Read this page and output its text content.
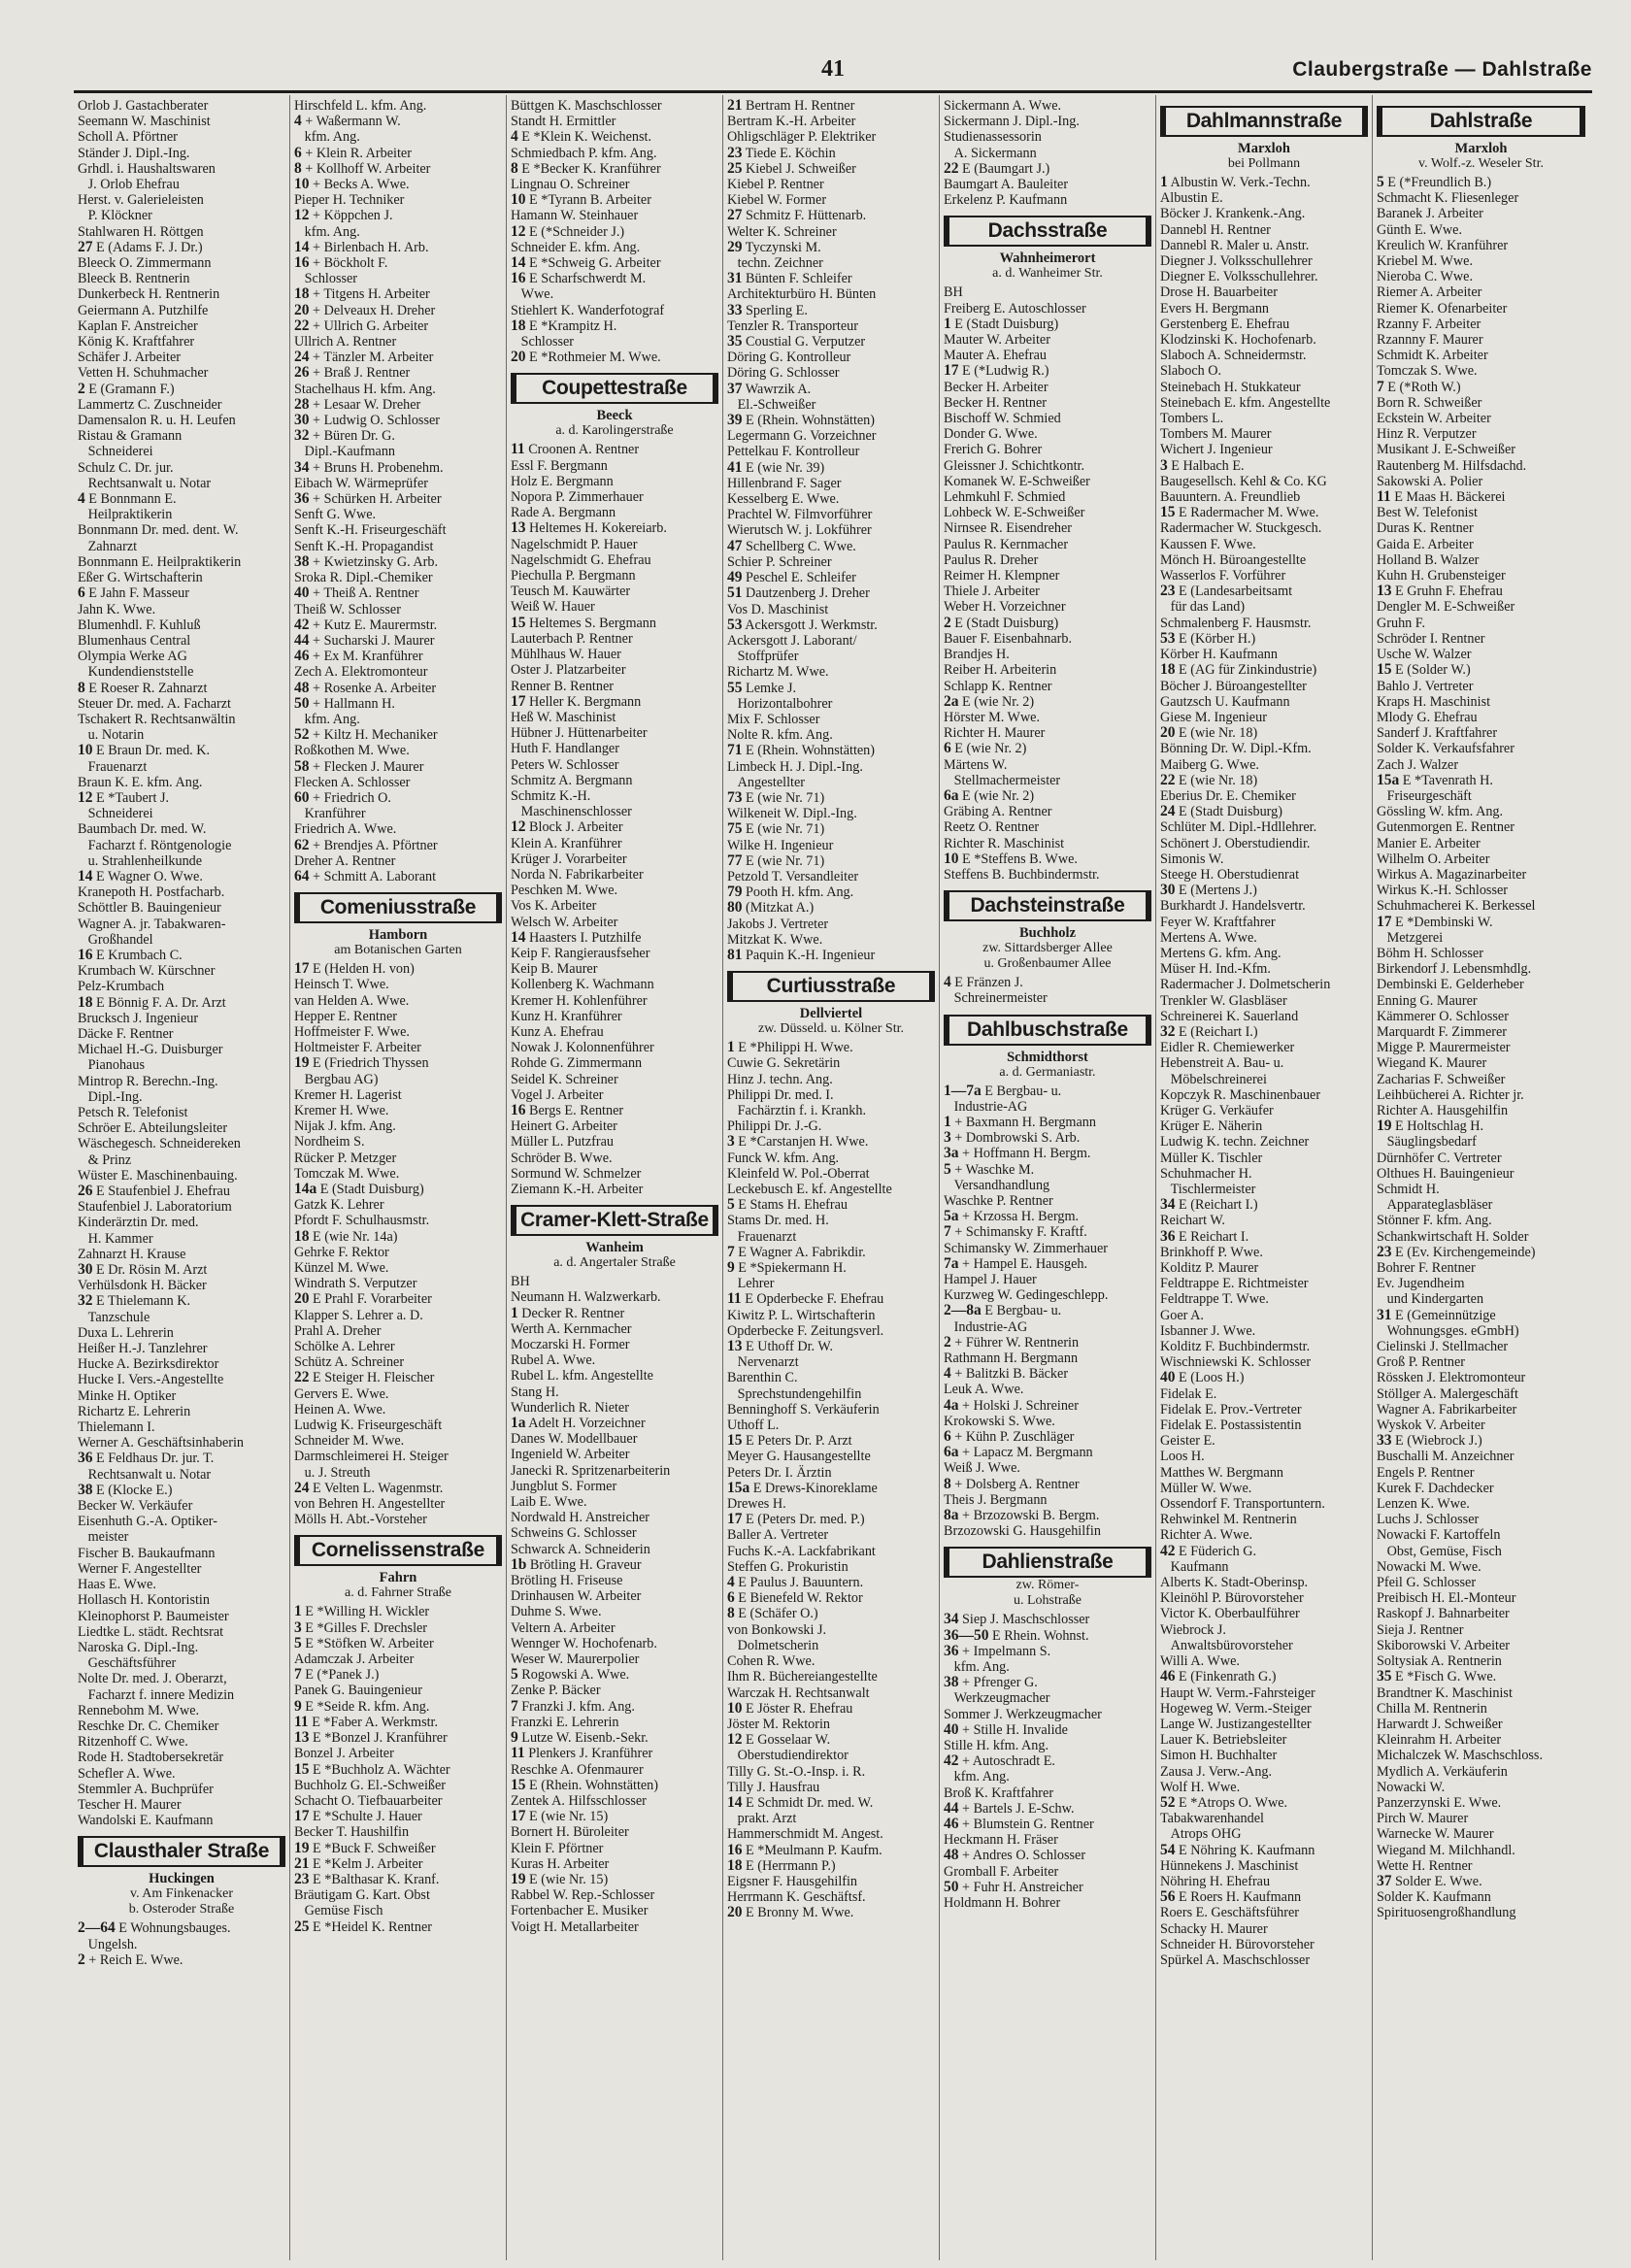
41	Claubergstraße — Dahlstraße
Orlob J. Gastachberater
Seemann W. Maschinist
Scholl A. Pförtner
Ständer J. Dipl.-Ing.
Grhdl. i. Haushaltswaren
J. Orlob Ehefrau
Herst. v. Galerieleisten
P. Klöckner
Stahlwaren H. Röttgen
27 E (Adams F. J. Dr.)
Bleeck O. Zimmermann
Bleeck B. Rentnerin
Dunkerbeck H. Rentnerin
Geiermann A. Putzhilfe
Kaplan F. Anstreicher
König K. Kraftfahrer
Schäfer J. Arbeiter
Vetten H. Schuhmacher
2 E (Gramann F.)
Lammertz C. Zuschneider
Damensalon R. u. H. Leufen
Ristau & Gramann
Schneiderei
Schulz C. Dr. jur.
Rechtsanwalt u. Notar
4 E Bonnmann E.
Heilpraktikerin
Bonnmann Dr. med. dent. W.
Zahnarzt
Bonnmann E. Heilpraktikerin
Eßer G. Wirtschafterin
6 E Jahn F. Masseur
Jahn K. Wwe.
Blumenhdl. F. Kuhluß
Blumenhaus Central
Olympia Werke AG
Kundendienststelle
8 E Roeser R. Zahnarzt
Steuer Dr. med. A. Facharzt
Tschakert R. Rechtsanwältin
u. Notarin
10 E Braun Dr. med. K.
Frauenarzt
Braun K. E. kfm. Ang.
12 E *Taubert J.
Schneiderei
Baumbach Dr. med. W.
Facharzt f. Röntgenologie
u. Strahlenheilkunde
14 E Wagner O. Wwe.
Kranepoth H. Postfacharb.
Schöttler B. Bauingenieur
Wagner A. jr. Tabakwaren-
Großhandel
16 E Krumbach C.
Krumbach W. Kürschner
Pelz-Krumbach
18 E Bönnig F. A. Dr. Arzt
Brucksch J. Ingenieur
Däcke F. Rentner
Michael H.-G. Duisburger
Pianohaus
Mintrop R. Berechn.-Ing.
Dipl.-Ing.
Petsch R. Telefonist
Schröer E. Abteilungsleiter
Wäschegesch. Schneidereken
& Prinz
Wüster E. Maschinenbauing.
26 E Staufenbiel J. Ehefrau
Staufenbiel J. Laboratorium
Kinderärztin Dr. med.
H. Kammer
Zahnarzt H. Krause
30 E Dr. Rösin M. Arzt
Verhülsdonk H. Bäcker
32 E Thielemann K.
Tanzschule
Duxa L. Lehrerin
Heißer H.-J. Tanzlehrer
Hucke A. Bezirksdirektor
Hucke I. Vers.-Angestellte
Minke H. Optiker
Richartz E. Lehrerin
Thielemann I.
Werner A. Geschäftsinhaberin
36 E Feldhaus Dr. jur. T.
Rechtsanwalt u. Notar
38 E (Klocke E.)
Becker W. Verkäufer
Eisenhuth G.-A. Optiker-
meister
Fischer B. Baukaufmann
Werner F. Angestellter
Haas E. Wwe.
Hollasch H. Kontoristin
Kleinophorst P. Baumeister
Liedtke L. städt. Rechtsrat
Naroska G. Dipl.-Ing.
Geschäftsführer
Nolte Dr. med. J. Oberarzt,
Facharzt f. innere Medizin
Rennebohm M. Wwe.
Reschke Dr. C. Chemiker
Ritzenhoff C. Wwe.
Rode H. Stadtobersekretär
Schefler A. Wwe.
Stemmler A. Buchprüfer
Tescher H. Maurer
Wandolski E. Kaufmann
Clausthaler Straße
Huckingen
v. Am Finkenacker
b. Osteroder Straße
2—64 E Wohnungsbauges.
Ungelsh.
2 + Reich E. Wwe.
Hirschfeld L. kfm. Ang.
4 + Waßermann W.
kfm. Ang.
6 + Klein R. Arbeiter
8 + Kollhoff W. Arbeiter
10 + Becks A. Wwe.
Pieper H. Techniker
12 + Köppchen J.
kfm. Ang.
14 + Birlenbach H. Arb.
16 + Böckholt F.
Schlosser
18 + Titgens H. Arbeiter
20 + Delveaux H. Dreher
22 + Ullrich G. Arbeiter
Ullrich A. Rentner
24 + Tänzler M. Arbeiter
26 + Braß J. Rentner
Stachelhaus H. kfm. Ang.
28 + Lesaar W. Dreher
30 + Ludwig O. Schlosser
32 + Büren Dr. G.
Dipl.-Kaufmann
34 + Bruns H. Probenehm.
Eibach W. Wärmeprüfer
36 + Schürken H. Arbeiter
Senft G. Wwe.
Senft K.-H. Friseurgeschäft
Senft K.-H. Propagandist
38 + Kwietzinsky G. Arb.
Sroka R. Dipl.-Chemiker
40 + Theiß A. Rentner
Theiß W. Schlosser
42 + Kutz E. Maurermstr.
44 + Sucharski J. Maurer
46 + Ex M. Kranführer
Zech A. Elektromonteur
48 + Rosenke A. Arbeiter
50 + Hallmann H.
kfm. Ang.
52 + Kiltz H. Mechaniker
Roßkothen M. Wwe.
58 + Flecken J. Maurer
Flecken A. Schlosser
60 + Friedrich O.
Kranführer
Friedrich A. Wwe.
62 + Brendjes A. Pförtner
Dreher A. Rentner
64 + Schmitt A. Laborant
Comeniusstraße
Hamborn
am Botanischen Garten
17 E (Helden H. von)
Heinsch T. Wwe.
van Helden A. Wwe.
Hepper E. Rentner
Hoffmeister F. Wwe.
Holtmeister F. Arbeiter
19 E (Friedrich Thyssen
Bergbau AG)
Kremer H. Lagerist
Kremer H. Wwe.
Nijak J. kfm. Ang.
Nordheim S.
Rücker P. Metzger
Tomczak M. Wwe.
14a E (Stadt Duisburg)
Gatzk K. Lehrer
Pfordt F. Schulhausmstr.
18 E (wie Nr. 14a)
Gehrke F. Rektor
Künzel M. Wwe.
Windrath S. Verputzer
20 E Prahl F. Vorarbeiter
Klapper S. Lehrer a. D.
Prahl A. Dreher
Schölke A. Lehrer
Schütz A. Schreiner
22 E Steiger H. Fleischer
Gervers E. Wwe.
Heinen A. Wwe.
Ludwig K. Friseurgeschäft
Schneider M. Wwe.
Darmschleimerei H. Steiger
u. J. Streuth
24 E Velten L. Wagenmstr.
von Behren H. Angestellter
Mölls H. Abt.-Vorsteher
Cornelissenstraße
Fahrn
a. d. Fahrner Straße
1 E *Willing H. Wickler
3 E *Gilles F. Drechsler
5 E *Stöfken W. Arbeiter
Adamczak J. Arbeiter
7 E (*Panek J.)
Panek G. Bauingenieur
9 E *Seide R. kfm. Ang.
11 E *Faber A. Werkmstr.
13 E *Bonzel J. Kranführer
Bonzel J. Arbeiter
15 E *Buchholz A. Wächter
Buchholz G. El.-Schweißer
Schacht O. Tiefbauarbeiter
17 E *Schulte J. Hauer
Becker T. Haushilfin
19 E *Buck F. Schweißer
21 E *Kelm J. Arbeiter
23 E *Balthasar K. Kranf.
Bräutigam G. Kart. Obst
Gemüse Fisch
25 E *Heidel K. Rentner
Büttgen K. Maschschlosser
Standt H. Ermittler
4 E *Klein K. Weichenst.
Schmiedbach P. kfm. Ang.
8 E *Becker K. Kranführer
Lingnau O. Schreiner
10 E *Tyrann B. Arbeiter
Hamann W. Steinhauer
12 E (*Schneider J.)
Schneider E. kfm. Ang.
14 E *Schweig G. Arbeiter
16 E Scharfschwerdt M.
Wwe.
Stiehlert K. Wanderfotograf
18 E *Krampitz H.
Schlosser
20 E *Rothmeier M. Wwe.
Coupettestraße
Beeck
a. d. Karolingerstraße
11 Croonen A. Rentner
Essl F. Bergmann
Holz E. Bergmann
Nopora P. Zimmerhauer
Rade A. Bergmann
13 Heltemes H. Kokereiarb.
Nagelschmidt P. Hauer
Nagelschmidt G. Ehefrau
Piechulla P. Bergmann
Teusch M. Kauwärter
Weiß W. Hauer
15 Heltemes S. Bergmann
Lauterbach P. Rentner
Mühlhaus W. Hauer
Oster J. Platzarbeiter
Renner B. Rentner
17 Heller K. Bergmann
Heß W. Maschinist
Hübner J. Hüttenarbeiter
Huth F. Handlanger
Peters W. Schlosser
Schmitz A. Bergmann
Schmitz K.-H.
Maschinenschlosser
12 Block J. Arbeiter
Klein A. Kranführer
Krüger J. Vorarbeiter
Norda N. Fabrikarbeiter
Peschken M. Wwe.
Vos K. Arbeiter
Welsch W. Arbeiter
14 Haasters I. Putzhilfe
Keip F. Rangierausfseher
Keip B. Maurer
Kollenberg K. Wachmann
Kremer H. Kohlenführer
Kunz H. Kranführer
Kunz A. Ehefrau
Nowak J. Kolonnenführer
Rohde G. Zimmermann
Seidel K. Schreiner
Vogel J. Arbeiter
16 Bergs E. Rentner
Heinert G. Arbeiter
Müller L. Putzfrau
Schröder B. Wwe.
Sormund W. Schmelzer
Ziemann K.-H. Arbeiter
Cramer-Klett-Straße
Wanheim
a. d. Angertaler Straße
BH
Neumann H. Walzwerkarb.
1 Decker R. Rentner
Werth A. Kernmacher
Moczarski H. Former
Rubel A. Wwe.
Rubel L. kfm. Angestellte
Stang H.
Wunderlich R. Nieter
1a Adelt H. Vorzeichner
Danes W. Modellbauer
Ingenield W. Arbeiter
Janecki R. Spritzenarbeiterin
Jungblut S. Former
Laib E. Wwe.
Nordwald H. Anstreicher
Schweins G. Schlosser
Schwarck A. Schneiderin
1b Brötling H. Graveur
Brötling H. Friseuse
Drinhausen W. Arbeiter
Duhme S. Wwe.
Veltern A. Arbeiter
Wennger W. Hochofenarb.
Weser W. Maurerpolier
5 Rogowski A. Wwe.
Zenke P. Bäcker
7 Franzki J. kfm. Ang.
Franzki E. Lehrerin
9 Lutze W. Eisenb.-Sekr.
11 Plenkers J. Kranführer
Reschke A. Ofenmaurer
15 E (Rhein. Wohnstätten)
Zentek A. Hilfsschlosser
17 E (wie Nr. 15)
Bornert H. Büroleiter
Klein F. Pförtner
Kuras H. Arbeiter
19 E (wie Nr. 15)
Rabbel W. Rep.-Schlosser
Fortenbacher E. Musiker
Voigt H. Metallarbeiter
21 Bertram H. Rentner
Bertram K.-H. Arbeiter
Ohligschläger P. Elektriker
23 Tiede E. Köchin
25 Kiebel J. Schweißer
Kiebel P. Rentner
Kiebel W. Former
27 Schmitz F. Hüttenarb.
Welter K. Schreiner
29 Tyczynski M.
techn. Zeichner
31 Bünten F. Schleifer
Architekturbüro H. Bünten
33 Sperling E.
Tenzler R. Transporteur
35 Coustial G. Verputzer
Döring G. Kontrolleur
Döring G. Schlosser
37 Wawrzik A.
El.-Schweißer
39 E (Rhein. Wohnstätten)
Legermann G. Vorzeichner
Pettelkau F. Kontrolleur
41 E (wie Nr. 39)
Hillenbrand F. Sager
Kesselberg E. Wwe.
Prachtel W. Filmvorführer
Wierutsch W. j. Lokführer
47 Schellberg C. Wwe.
Schier P. Schreiner
49 Peschel E. Schleifer
51 Dautzenberg J. Dreher
Vos D. Maschinist
53 Ackersgott J. Werkmstr.
Ackersgott J. Laborant/
Stoffprüfer
Richartz M. Wwe.
55 Lemke J.
Horizontalbohrer
Mix F. Schlosser
Nolte R. kfm. Ang.
71 E (Rhein. Wohnstätten)
Limbeck H. J. Dipl.-Ing.
Angestellter
73 E (wie Nr. 71)
Wilkeneit W. Dipl.-Ing.
75 E (wie Nr. 71)
Wilke H. Ingenieur
77 E (wie Nr. 71)
Petzold T. Versandleiter
79 Pooth H. kfm. Ang.
80 (Mitzkat A.)
Jakobs J. Vertreter
Mitzkat K. Wwe.
81 Paquin K.-H. Ingenieur
Curtiusstraße
Dellviertel
zw. Düsseld. u. Kölner Str.
1 E *Philippi H. Wwe.
Cuwie G. Sekretärin
Hinz J. techn. Ang.
Philippi Dr. med. I.
Fachärztin f. i. Krankh.
Philippi Dr. J.-G.
3 E *Carstanjen H. Wwe.
Funck W. kfm. Ang.
Kleinfeld W. Pol.-Oberrat
Leckebusch E. kf. Angestellte
5 E Stams H. Ehefrau
Stams Dr. med. H.
Frauenarzt
7 E Wagner A. Fabrikdir.
9 E *Spiekermann H.
Lehrer
11 E Opderbecke F. Ehefrau
Kiwitz P. L. Wirtschafterin
Opderbecke F. Zeitungsverl.
13 E Uthoff Dr. W.
Nervenarzt
Barenthin C.
Sprechstundengehilfin
Benninghoff S. Verkäuferin
Uthoff L.
15 E Peters Dr. P. Arzt
Meyer G. Hausangestellte
Peters Dr. I. Ärztin
15a E Drews-Kinoreklame
Drewes H.
17 E (Peters Dr. med. P.)
Baller A. Vertreter
Fuchs K.-A. Lackfabrikant
Steffen G. Prokuristin
4 E Paulus J. Bauuntern.
6 E Bienefeld W. Rektor
8 E (Schäfer O.)
von Bonkowski J.
Dolmetscherin
Cohen R. Wwe.
Ihm R. Büchereiangestellte
Warczak H. Rechtsanwalt
10 E Jöster R. Ehefrau
Jöster M. Rektorin
12 E Gosselaar W.
Oberstudiendirektor
Tilly G. St.-O.-Insp. i. R.
Tilly J. Hausfrau
14 E Schmidt Dr. med. W.
prakt. Arzt
Hammerschmidt M. Angest.
16 E *Meulmann P. Kaufm.
18 E (Herrmann P.)
Eigsner F. Hausgehilfin
Herrmann K. Geschäftsf.
20 E Bronny M. Wwe.
Sickermann A. Wwe.
Sickermann J. Dipl.-Ing.
Studienassessorin
A. Sickermann
22 E (Baumgart J.)
Baumgart A. Bauleiter
Erkelenz P. Kaufmann
Dachsstraße
Wahnheimerort
a. d. Wanheimer Str.
BH
Freiberg E. Autoschlosser
1 E (Stadt Duisburg)
Mauter W. Arbeiter
Mauter A. Ehefrau
17 E (*Ludwig R.)
Becker H. Arbeiter
Becker H. Rentner
Bischoff W. Schmied
Donder G. Wwe.
Frerich G. Bohrer
Gleissner J. Schichtkontr.
Komanek W. E-Schweißer
Lehmkuhl F. Schmied
Lohbeck W. E-Schweißer
Nirnsee R. Eisendreher
Paulus R. Kernmacher
Paulus R. Dreher
Reimer H. Klempner
Thiele J. Arbeiter
Weber H. Vorzeichner
2 E (Stadt Duisburg)
Bauer F. Eisenbahnarb.
Brandjes H.
Reiber H. Arbeiterin
Schlapp K. Rentner
2a E (wie Nr. 2)
Hörster M. Wwe.
Richter H. Maurer
6 E (wie Nr. 2)
Märtens W.
Stellmachermeister
6a E (wie Nr. 2)
Gräbing A. Rentner
Reetz O. Rentner
Richter R. Maschinist
10 E *Steffens B. Wwe.
Steffens B. Buchbindermstr.
Dachsteinstraße
Buchholz
zw. Sittardsberger Allee
u. Großenbaumer Allee
4 E Fränzen J.
Schreinermeister
Dahlbuschstraße
Schmidthorst
a. d. Germaniastr.
1—7a E Bergbau- u.
Industrie-AG
1 + Baxmann H. Bergmann
3 + Dombrowski S. Arb.
3a + Hoffmann H. Bergm.
5 + Waschke M.
Versandhandlung
Waschke P. Rentner
5a + Krzossa H. Bergm.
7 + Schimansky F. Kraftf.
Schimansky W. Zimmerhauer
7a + Hampel E. Hausgeh.
Hampel J. Hauer
Kurzweg W. Gedingeschlepp.
2—8a E Bergbau- u.
Industrie-AG
2 + Führer W. Rentnerin
Rathmann H. Bergmann
4 + Balitzki B. Bäcker
Leuk A. Wwe.
4a + Holski J. Schreiner
Krokowski S. Wwe.
6 + Kühn P. Zuschläger
6a + Lapacz M. Bergmann
Weiß J. Wwe.
8 + Dolsberg A. Rentner
Theis J. Bergmann
8a + Brzozowski B. Bergm.
Brzozowski G. Hausgehilfin
Dahlienstraße
zw. Römer-
u. Lohstraße
34 Siep J. Maschschlosser
36—50 E Rhein. Wohnst.
36 + Impelmann S.
kfm. Ang.
38 + Pfrenger G.
Werkzeugmacher
Sommer J. Werkzeugmacher
40 + Stille H. Invalide
Stille H. kfm. Ang.
42 + Autoschradt E.
kfm. Ang.
Broß K. Kraftfahrer
44 + Bartels J. E-Schw.
46 + Blumstein G. Rentner
Heckmann H. Fräser
48 + Andres O. Schlosser
Gromball F. Arbeiter
50 + Fuhr H. Anstreicher
Holdmann H. Bohrer
Dahlmannstraße
Marxloh
bei Pollmann
1 Albustin W. Verk.-Techn.
Albustin E.
Böcker J. Krankenk.-Ang.
Dannebl H. Rentner
Dannebl R. Maler u. Anstr.
Diegner J. Volksschullehrer
Diegner E. Volksschullehrer.
Drose H. Bauarbeiter
Evers H. Bergmann
Gerstenberg E. Ehefrau
Klodzinski K. Hochofenarb.
Slaboch A. Schneidermstr.
Slaboch O.
Steinebach H. Stukkateur
Steinebach E. kfm. Angestellte
Tombers L.
Tombers M. Maurer
Wichert J. Ingenieur
3 E Halbach E.
Baugesellsch. Kehl & Co. KG
Bauuntern. A. Freundlieb
15 E Radermacher M. Wwe.
Radermacher W. Stuckgesch.
Kaussen F. Wwe.
Mönch H. Büroangestellte
Wasserlos F. Vorführer
23 E (Landesarbeitsamt
für das Land)
Schmalenberg F. Hausmstr.
53 E (Körber H.)
Körber H. Kaufmann
18 E (AG für Zinkindustrie)
Böcher J. Büroangestellter
Gautzsch U. Kaufmann
Giese M. Ingenieur
20 E (wie Nr. 18)
Bönning Dr. W. Dipl.-Kfm.
Maiberg G. Wwe.
22 E (wie Nr. 18)
Eberius Dr. E. Chemiker
24 E (Stadt Duisburg)
Schlüter M. Dipl.-Hdllehrer.
Schönert J. Oberstudiendir.
Simonis W.
Steege H. Oberstudienrat
30 E (Mertens J.)
Burkhardt J. Handelsvertr.
Feyer W. Kraftfahrer
Mertens A. Wwe.
Mertens G. kfm. Ang.
Müser H. Ind.-Kfm.
Radermacher J. Dolmetscherin
Trenkler W. Glasbläser
Schreinerei K. Sauerland
32 E (Reichart I.)
Eidler R. Chemiewerker
Hebenstreit A. Bau- u.
Möbelschreinerei
Kopczyk R. Maschinenbauer
Krüger G. Verkäufer
Krüger E. Näherin
Ludwig K. techn. Zeichner
Müller K. Tischler
Schuhmacher H.
Tischlermeister
34 E (Reichart I.)
Reichart W.
36 E Reichart I.
Brinkhoff P. Wwe.
Kolditz P. Maurer
Feldtrappe E. Richtmeister
Feldtrappe T. Wwe.
Goer A.
Isbanner J. Wwe.
Kolditz F. Buchbindermstr.
Wischniewski K. Schlosser
40 E (Loos H.)
Fidelak E.
Fidelak E. Prov.-Vertreter
Fidelak E. Postassistentin
Geister E.
Loos H.
Matthes W. Bergmann
Müller W. Wwe.
Ossendorf F. Transportuntern.
Rehwinkel M. Rentnerin
Richter A. Wwe.
42 E Füderich G.
Kaufmann
Alberts K. Stadt-Oberinsp.
Kleinöhl P. Bürovorsteher
Victor K. Oberbaulführer
Wiebrock J.
Anwaltsbürovorsteher
Willi A. Wwe.
46 E (Finkenrath G.)
Haupt W. Verm.-Fahrsteiger
Hogeweg W. Verm.-Steiger
Lange W. Justizangestellter
Lauer K. Betriebsleiter
Simon H. Buchhalter
Zausa J. Verw.-Ang.
Wolf H. Wwe.
52 E *Atrops O. Wwe.
Tabakwarenhandel
Atrops OHG
54 E Nöhring K. Kaufmann
Hünnekens J. Maschinist
Nöhring H. Ehefrau
56 E Roers H. Kaufmann
Roers E. Geschäftsführer
Schacky H. Maurer
Schneider H. Bürovorsteher
Spürkel A. Maschschlosser
Dahlstraße
Marxloh
v. Wolf.-z. Weseler Str.
5 E (*Freundlich B.)
Schmacht K. Fliesenleger
Baranek J. Arbeiter
Günth E. Wwe.
Kreulich W. Kranführer
Kriebel M. Wwe.
Nieroba C. Wwe.
Riemer A. Arbeiter
Riemer K. Ofenarbeiter
Rzanny F. Arbeiter
Rzannny F. Maurer
Schmidt K. Arbeiter
Tomczak S. Wwe.
7 E (*Roth W.)
Born R. Schweißer
Eckstein W. Arbeiter
Hinz R. Verputzer
Musikant J. E-Schweißer
Rautenberg M. Hilfsdachd.
Sakowski A. Polier
11 E Maas H. Bäckerei
Best W. Telefonist
Duras K. Rentner
Gaida E. Arbeiter
Holland B. Walzer
Kuhn H. Grubensteiger
13 E Gruhn F. Ehefrau
Dengler M. E-Schweißer
Gruhn F.
Schröder I. Rentner
Usche W. Walzer
15 E (Solder W.)
Bahlo J. Vertreter
Kraps H. Maschinist
Mlody G. Ehefrau
Sanderf J. Kraftfahrer
Solder K. Verkaufsfahrer
Zach J. Walzer
15a E *Tavenrath H.
Friseurgeschäft
Gössling W. kfm. Ang.
Gutenmorgen E. Rentner
Manier E. Arbeiter
Wilhelm O. Arbeiter
Wirkus A. Magazinarbeiter
Wirkus K.-H. Schlosser
Schuhmacherei K. Berkessel
17 E *Dembinski W.
Metzgerei
Böhm H. Schlosser
Birkendorf J. Lebensmhdlg.
Dembinski E. Gelderheber
Enning G. Maurer
Kämmerer O. Schlosser
Marquardt F. Zimmerer
Migge P. Maurermeister
Wiegand K. Maurer
Zacharias F. Schweißer
Leihbücherei A. Richter jr.
Richter A. Hausgehilfin
19 E Holtschlag H.
Säuglingsbedarf
Dürnhöfer C. Vertreter
Olthues H. Bauingenieur
Schmidt H.
Apparateglasbläser
Stönner F. kfm. Ang.
Schankwirtschaft H. Solder
23 E (Ev. Kirchengemeinde)
Bohrer F. Rentner
Ev. Jugendheim
und Kindergarten
31 E (Gemeinnützige
Wohnungsges. eGmbH)
Cielinski J. Stellmacher
Groß P. Rentner
Rössken J. Elektromonteur
Stöllger A. Malergeschäft
Wagner A. Fabrikarbeiter
Wyskok V. Arbeiter
33 E (Wiebrock J.)
Buschalli M. Anzeichner
Engels P. Rentner
Kurek F. Dachdecker
Lenzen K. Wwe.
Luchs J. Schlosser
Nowacki F. Kartoffeln
Obst, Gemüse, Fisch
Nowacki M. Wwe.
Pfeil G. Schlosser
Preibisch H. El.-Monteur
Raskopf J. Bahnarbeiter
Sieja J. Rentner
Skiborowski V. Arbeiter
Soltysiak A. Rentnerin
35 E *Fisch G. Wwe.
Brandtner K. Maschinist
Chilla M. Rentnerin
Harwardt J. Schweißer
Kleinrahm H. Arbeiter
Michalczek W. Maschschloss.
Mydlich A. Verkäuferin
Nowacki W.
Panzerzynski E. Wwe.
Pirch W. Maurer
Warnecke W. Maurer
Wiegand M. Milchhandl.
Wette H. Rentner
37 Solder E. Wwe.
Solder K. Kaufmann
Spirituosengroßhandlung
